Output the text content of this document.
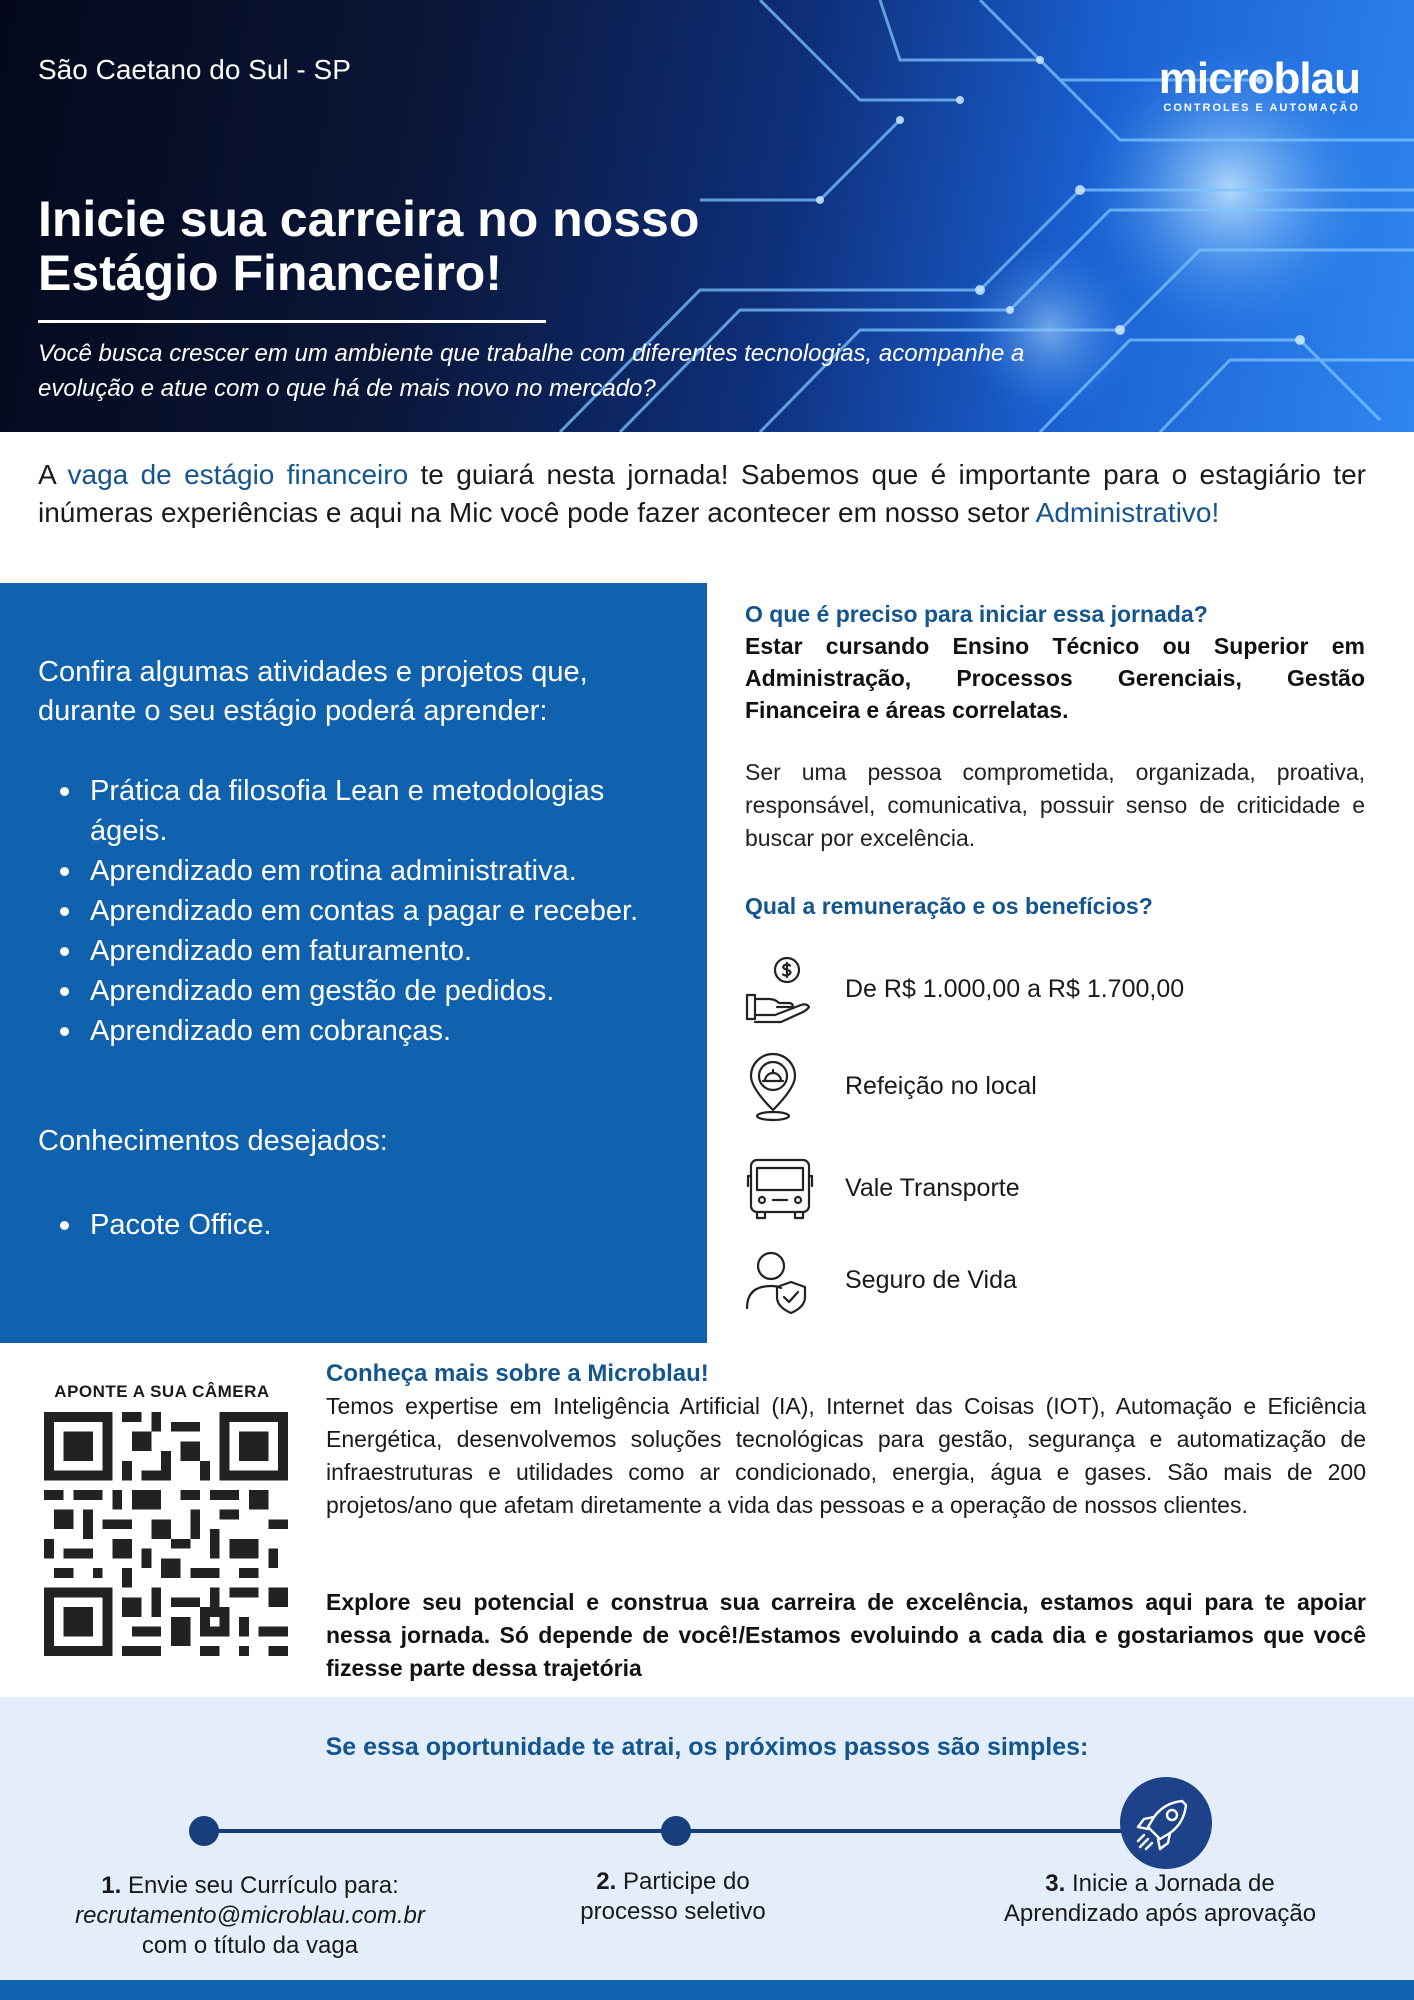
São Caetano do Sul - SP	microblau
CONTROLES E AUTOMAÇÃO
Inicie sua carreira no nosso
Estágio Financeiro!
Você busca crescer em um ambiente que trabalhe com diferentes tecnologias, acompanhe a evolução e atue com o que há de mais novo no mercado?

A vaga de estágio financeiro te guiará nesta jornada! Sabemos que é importante para o estagiário ter inúmeras experiências e aqui na Mic você pode fazer acontecer em nosso setor Administrativo!

Confira algumas atividades e projetos que, durante o seu estágio poderá aprender:
Prática da filosofia Lean e metodologias ágeis.
Aprendizado em rotina administrativa.
Aprendizado em contas a pagar e receber.
Aprendizado em faturamento.
Aprendizado em gestão de pedidos.
Aprendizado em cobranças.
Conhecimentos desejados:
Pacote Office.
O que é preciso para iniciar essa jornada?
Estar cursando Ensino Técnico ou Superior em Administração, Processos Gerenciais, Gestão Financeira e áreas correlatas.
Ser uma pessoa comprometida, organizada, proativa, responsável, comunicativa, possuir senso de criticidade e buscar por excelência.
Qual a remuneração e os benefícios?
De R$ 1.000,00 a R$ 1.700,00
Refeição no local
Vale Transporte
Seguro de Vida
APONTE A SUA CÂMERA
Conheça mais sobre a Microblau!

Temos expertise em Inteligência Artificial (IA), Internet das Coisas (IOT), Automação e Eficiência Energética, desenvolvemos soluções tecnológicas para gestão, segurança e automatização de infraestruturas e utilidades como ar condicionado, energia, água e gases. São mais de 200 projetos/ano que afetam diretamente a vida das pessoas e a operação de nossos clientes.

Explore seu potencial e construa sua carreira de excelência, estamos aqui para te apoiar nessa jornada. Só depende de você!/Estamos evoluindo a cada dia e gostariamos que você fizesse parte dessa trajetória

Se essa oportunidade te atrai, os próximos passos são simples:
1. Envie seu Currículo para:
recrutamento@microblau.com.br
com o título da vaga
2. Participe do
processo seletivo
3. Inicie a Jornada de
Aprendizado após aprovação
